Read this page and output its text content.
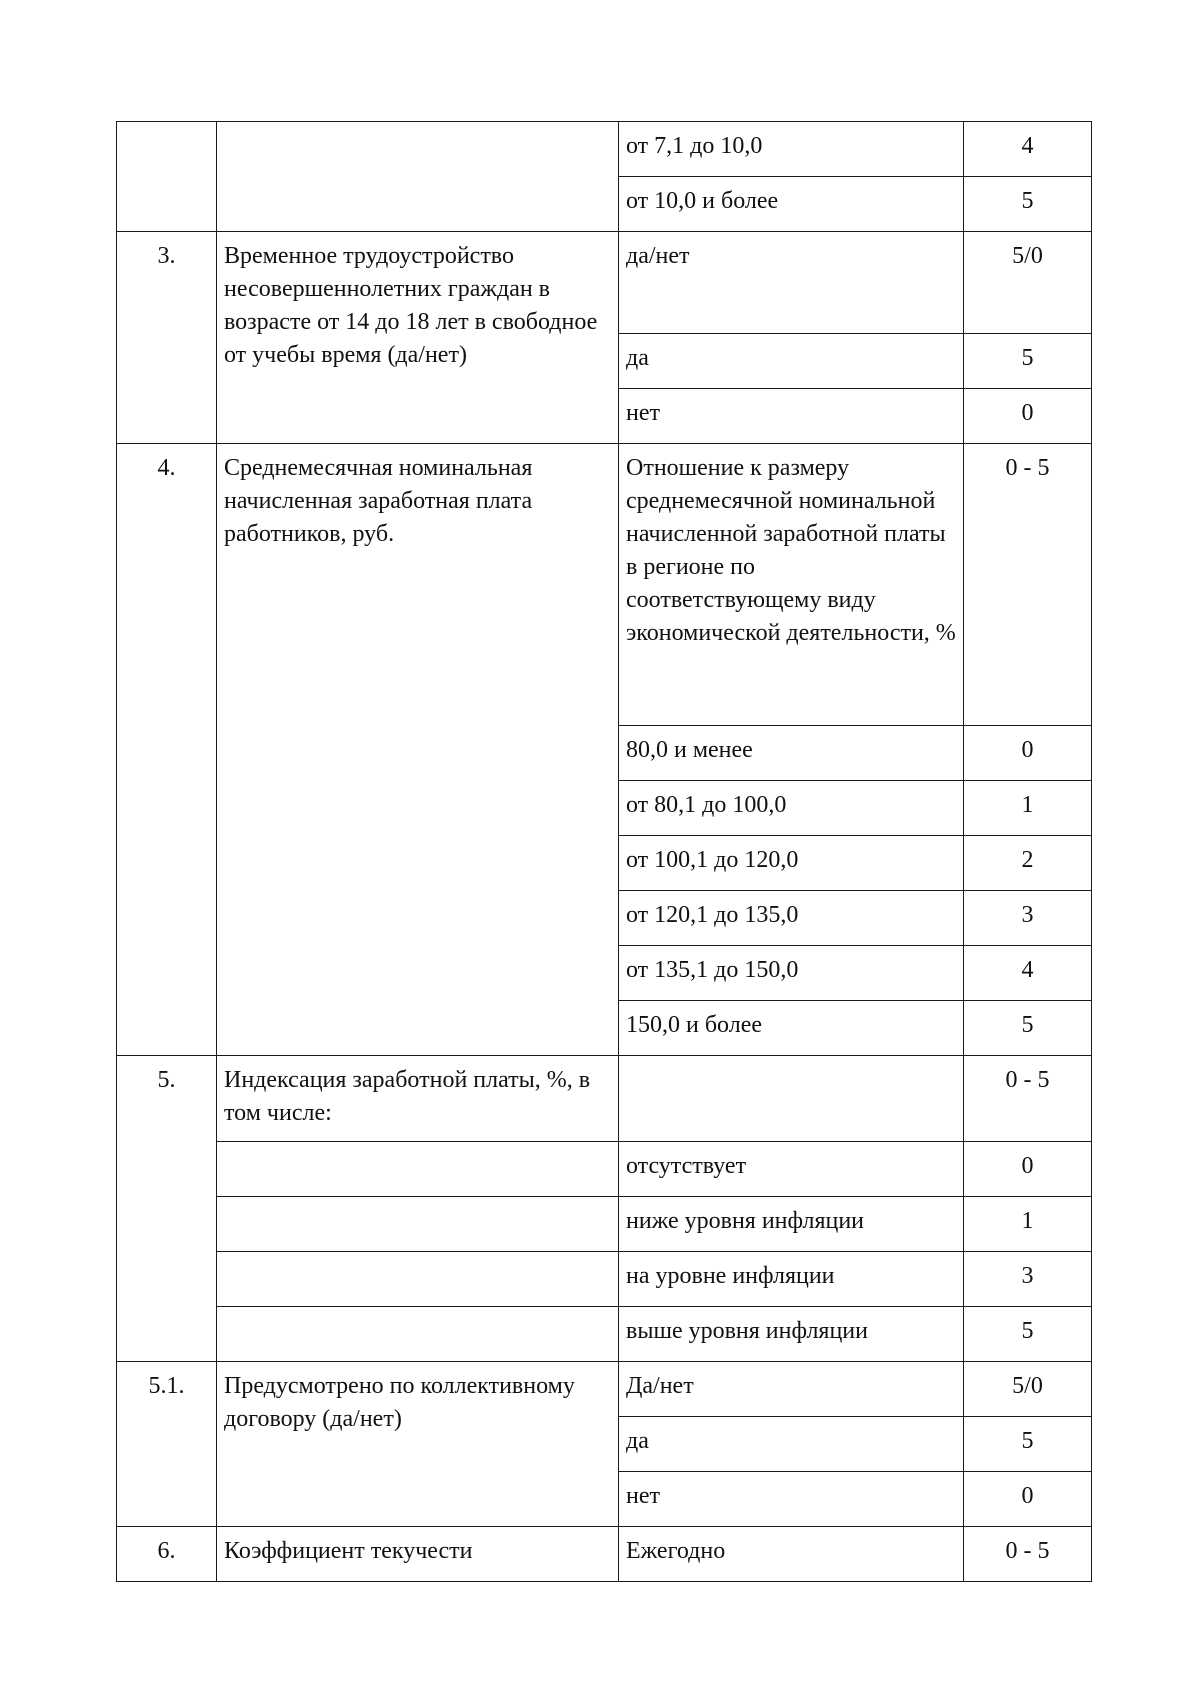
		от 7,1 до 10,0	4
		от 10,0 и более	5
3.	Временное трудоустройство несовершеннолетних граждан в возрасте от 14 до 18 лет в свободное от учебы время (да/нет)	да/нет	5/0
		да	5
		нет	0
4.	Среднемесячная номинальная начисленная заработная плата работников, руб.	Отношение к размеру среднемесячной номинальной начисленной заработной платы в регионе по соответствующему виду экономической деятельности, %	0 - 5
		80,0 и менее	0
		от 80,1 до 100,0	1
		от 100,1 до 120,0	2
		от 120,1 до 135,0	3
		от 135,1 до 150,0	4
		150,0 и более	5
5.	Индексация заработной платы, %, в том числе:		0 - 5
		отсутствует	0
		ниже уровня инфляции	1
		на уровне инфляции	3
		выше уровня инфляции	5
5.1.	Предусмотрено по коллективному договору (да/нет)	Да/нет	5/0
		да	5
		нет	0
6.	Коэффициент текучести	Ежегодно	0 - 5
